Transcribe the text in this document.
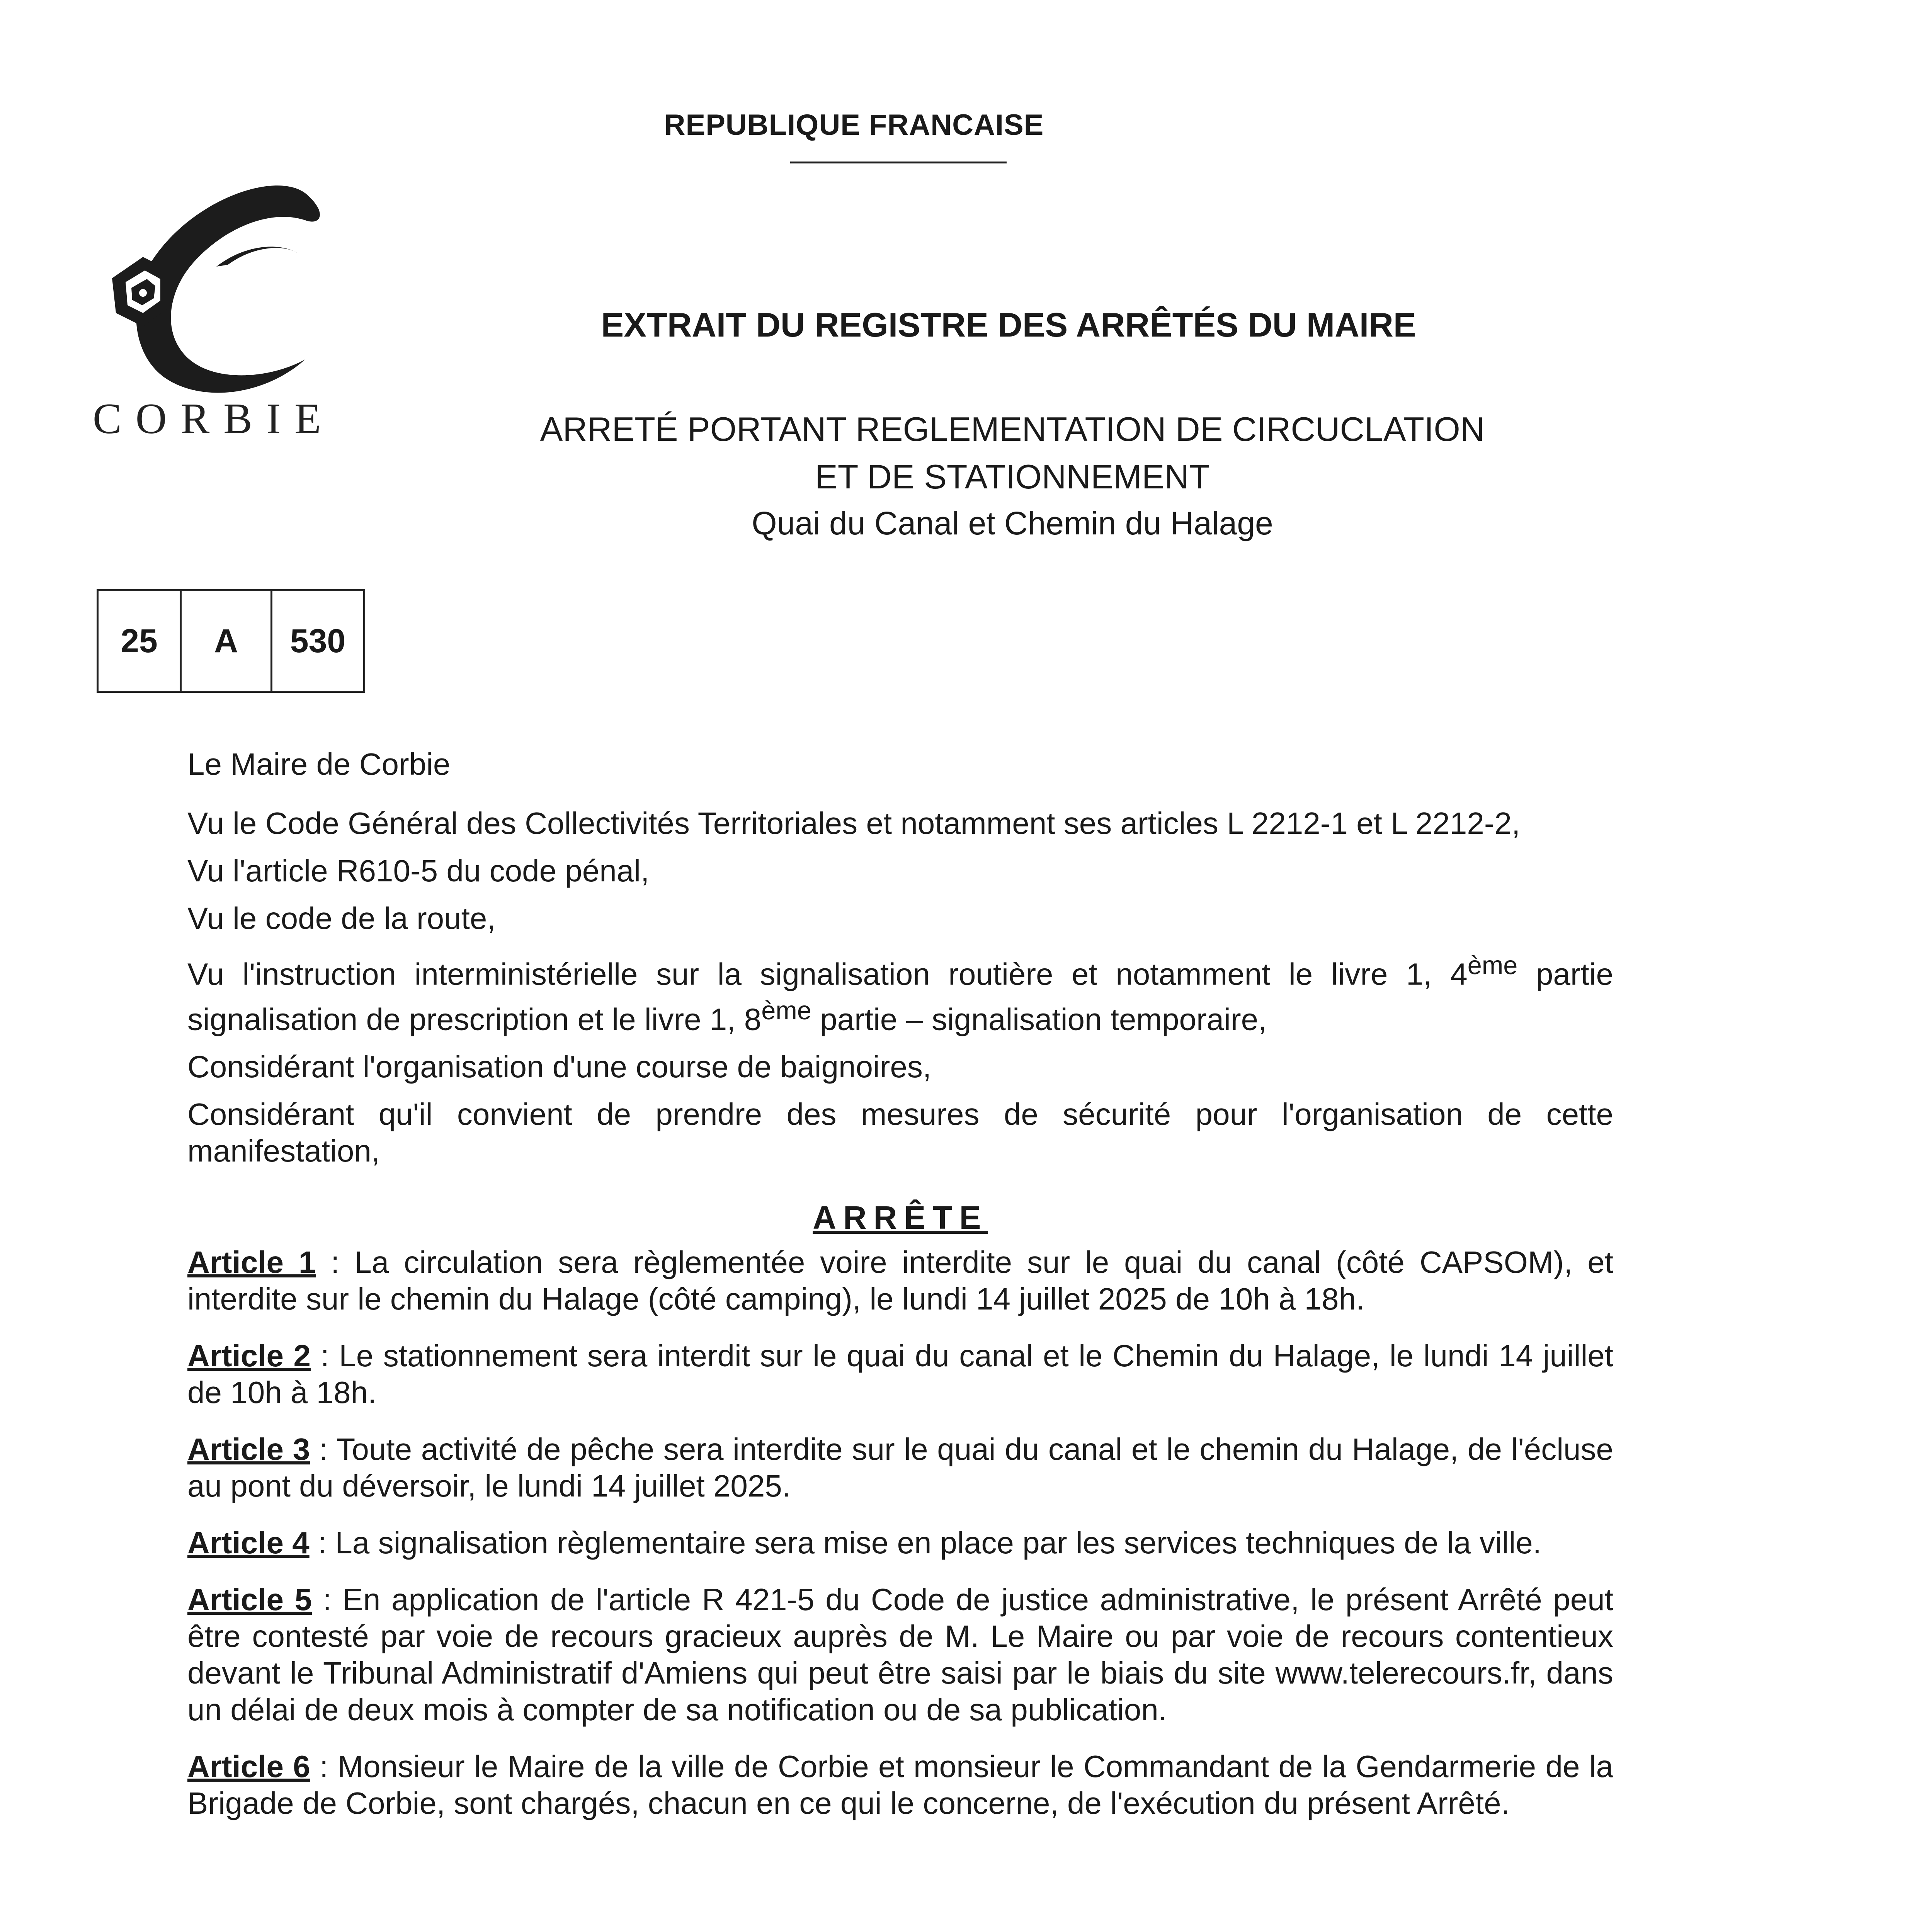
REPUBLIQUE FRANCAISE
CORBIE
EXTRAIT DU REGISTRE DES ARRÊTÉS DU MAIRE
ARRETÉ PORTANT REGLEMENTATION DE CIRCUCLATION
ET DE STATIONNEMENT
Quai du Canal et Chemin du Halage
25	A	530

Le Maire de Corbie

Vu le Code Général des Collectivités Territoriales et notamment ses articles L 2212-1 et L 2212-2,

Vu l'article R610-5 du code pénal,

Vu le code de la route,

Vu l'instruction interministérielle sur la signalisation routière et notamment le livre 1, 4ème partie signalisation de prescription et le livre 1, 8ème partie – signalisation temporaire,

Considérant l'organisation d'une course de baignoires,

Considérant qu'il convient de prendre des mesures de sécurité pour l'organisation de cette manifestation,

ARRÊTE

Article 1 : La circulation sera règlementée voire interdite sur le quai du canal (côté CAPSOM), et interdite sur le chemin du Halage (côté camping), le lundi 14 juillet 2025 de 10h à 18h.

Article 2 : Le stationnement sera interdit sur le quai du canal et le Chemin du Halage, le lundi 14 juillet de 10h à 18h.

Article 3 : Toute activité de pêche sera interdite sur le quai du canal et le chemin du Halage, de l'écluse au pont du déversoir, le lundi 14 juillet 2025.

Article 4 : La signalisation règlementaire sera mise en place par les services techniques de la ville.

Article 5 : En application de l'article R 421-5 du Code de justice administrative, le présent Arrêté peut être contesté par voie de recours gracieux auprès de M. Le Maire ou par voie de recours contentieux devant le Tribunal Administratif d'Amiens qui peut être saisi par le biais du site www.telerecours.fr, dans un délai de deux mois à compter de sa notification ou de sa publication.

Article 6 : Monsieur le Maire de la ville de Corbie et monsieur le Commandant de la Gendarmerie de la Brigade de Corbie, sont chargés, chacun en ce qui le concerne, de l'exécution du présent Arrêté.
